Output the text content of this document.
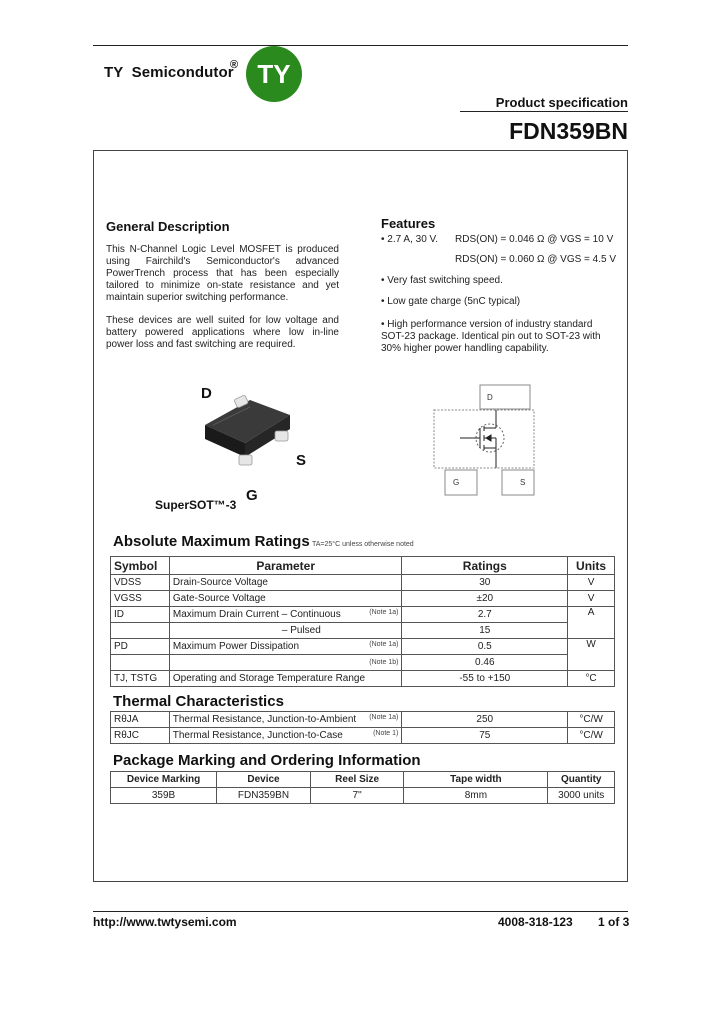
TY  Semicondutor
® TY
Product specification
FDN359BN
General Description
This N-Channel Logic Level MOSFET is produced using Fairchild's Semiconductor's advanced PowerTrench process that has been especially tailored to minimize on-state resistance and yet maintain superior switching performance.
These devices are well suited for low voltage and battery powered applications where low in-line power loss and fast switching are required.
Features
• 2.7 A, 30 V. RDS(ON) = 0.046 Ω @ VGS = 10 V
RDS(ON) = 0.060 Ω @ VGS = 4.5 V
• Very fast switching speed.
• Low gate charge (5nC typical)
• High performance version of industry standard SOT-23 package. Identical pin out to SOT-23 with 30% higher power handling capability.
D
S
G
SuperSOT™-3
D
G	S
Absolute Maximum Ratings TA=25°C unless otherwise noted
Symbol	Parameter	Ratings	Units
VDSS	Drain-Source Voltage	30	V
VGSS	Gate-Source Voltage	±20	V
ID	Maximum Drain Current – Continuous (Note 1a)	2.7	A
	– Pulsed	15	
PD	Maximum Power Dissipation (Note 1a)	0.5	W

	(Note 1b)	0.46	
TJ, TSTG	Operating and Storage Temperature Range	-55 to +150	°C
Thermal Characteristics
RθJA	Thermal Resistance, Junction-to-Ambient (Note 1a)	250	°C/W
RθJC	Thermal Resistance, Junction-to-Case (Note 1)	75	°C/W
Package Marking and Ordering Information
Device Marking	Device	Reel Size	Tape width	Quantity
359B	FDN359BN	7''	8mm	3000 units
http://www.twtysemi.com	4008-318-123 1 of 3
